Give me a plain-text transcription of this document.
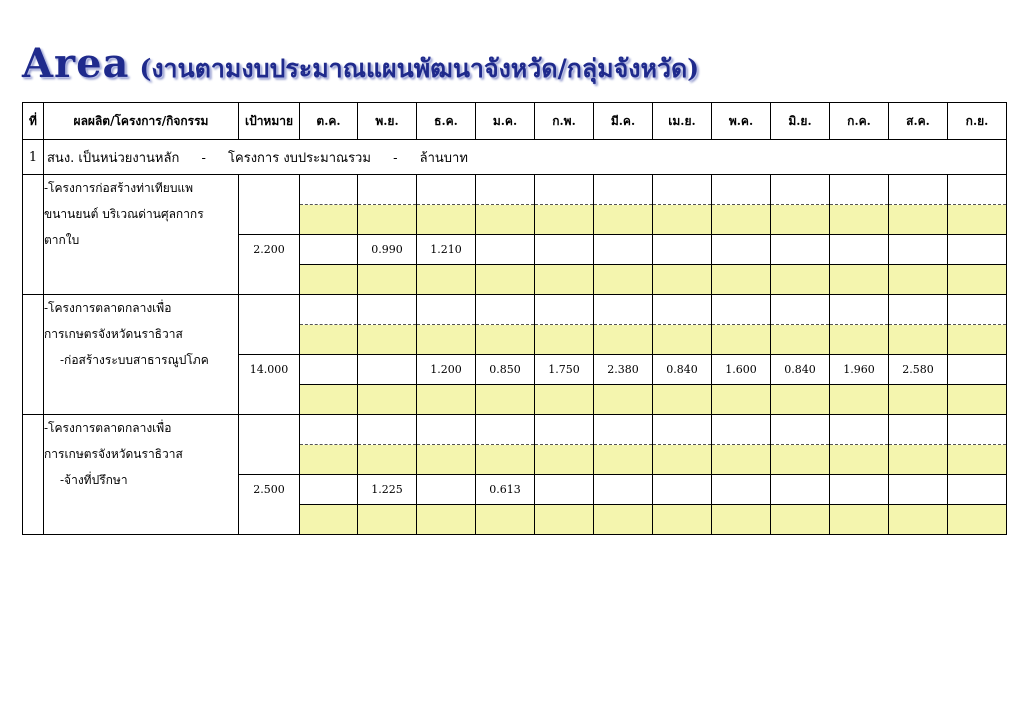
Area (งานตามงบประมาณแผนพัฒนาจังหวัด/กลุ่มจังหวัด)
ที่	ผลผลิต/โครงการ/กิจกรรม	เป้าหมาย	ต.ค.	พ.ย.	ธ.ค.	ม.ค.	ก.พ.	มี.ค.	เม.ย.	พ.ค.	มิ.ย.	ก.ค.	ส.ค.	ก.ย.
1	สนง. เป็นหน่วยงานหลัก - โครงการ งบประมาณรวม - ล้านบาท													

	-โครงการก่อสร้างท่าเทียบแพ
ขนานยนต์ บริเวณด่านศุลกากร
ตากใบ													

		2.200		0.990	1.210									

	-โครงการตลาดกลางเพื่อ
การเกษตรจังหวัดนราธิวาส
-ก่อสร้างระบบสาธารณูปโภค													

		14.000			1.200	0.850	1.750	2.380	0.840	1.600	0.840	1.960	2.580	

	-โครงการตลาดกลางเพื่อ
การเกษตรจังหวัดนราธิวาส
-จ้างที่ปรึกษา													

		2.500		1.225		0.613								
